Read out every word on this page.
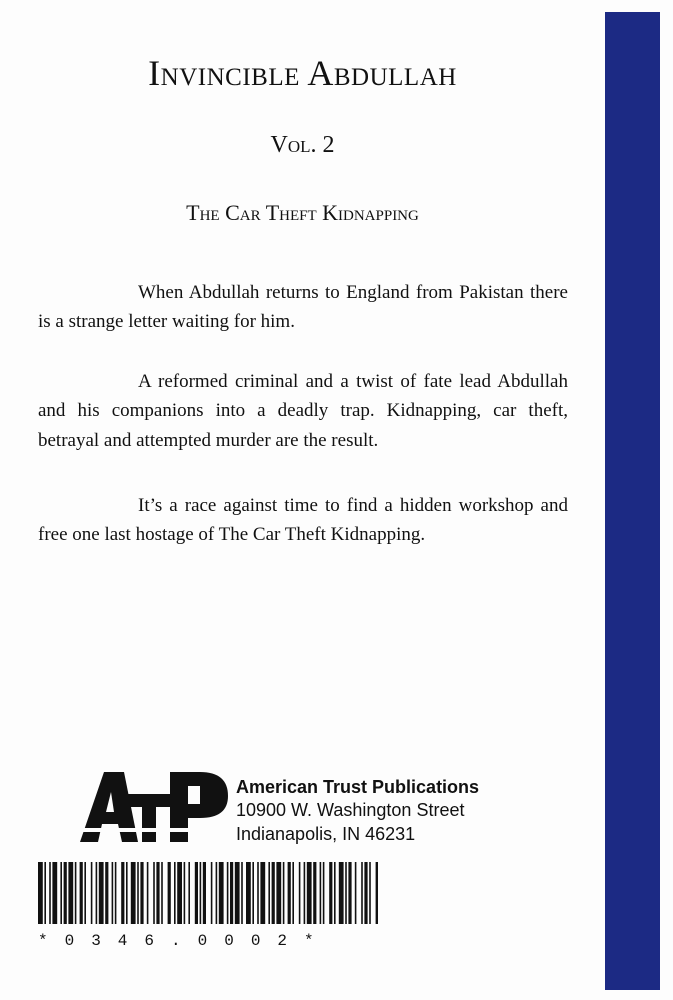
Invincible Abdullah
Vol. 2
The Car Theft Kidnapping

When Abdullah returns to England from Pakistan there is a strange letter waiting for him.

A reformed criminal and a twist of fate lead Abdullah and his companions into a deadly trap. Kidnapping, car theft, betrayal and attempted murder are the result.

It’s a race against time to find a hidden workshop and free one last hostage of The Car Theft Kidnapping.

American Trust Publications
10900 W. Washington Street
Indianapolis, IN 46231
*0346.0002*
